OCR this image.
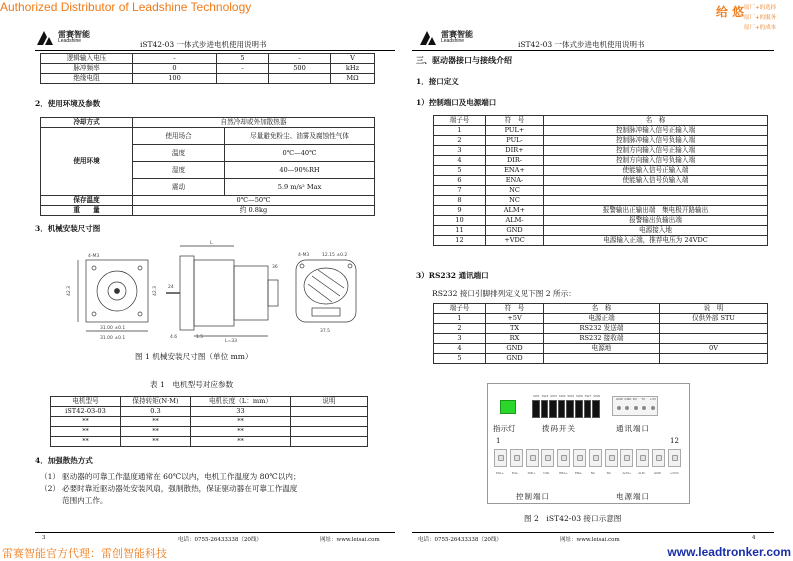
Authorized Distributor of Leadshine Technology	给 悠 原厂+的选择
原厂+的服务
原厂+的成本
雷赛智能
Leadshine	iST42-03 一体式步进电机使用说明书
逻辑输入电压	-	5	-	V
脉冲频率	0	-	500	kHz
绝缘电阻	100			MΩ
2．使用环境及参数
冷却方式	自然冷却或外加散热器	
使用环境	使用场合	尽量避免粉尘、油雾及腐蚀性气体
	温度	0℃—40℃
	湿度	40—90%RH
	震动	5.9 m/s² Max
保存温度	0℃—50℃	
重　　量	约 0.8kg	
3．机械安装尺寸图
42.3
31.00 ±0.1
31.00 ±0.1
4-M3
42.3
L
L=33
24
4.6	1.5
36
37.5
4-M3	12.15 ±0.2
图 1 机械安装尺寸图（单位 mm）
表 1　电机型号对应参数
电机型号	保持转矩(N·M)	电机长度（L：mm）	说明
iST42-03-03	0.3	33	
**	**	**	
**	**	**	
**	**	**	
4．加强散热方式
（1） 驱动器的可靠工作温度通常在 60℃以内，电机工作温度为 80℃以内；
（2） 必要时靠近驱动器处安装风扇，强制散热，保证驱动器在可靠工作温度
范围内工作。
3	电话：0755-26433338（20线）	网址：www.leisai.com
雷赛智能
Leadshine	iST42-03 一体式步进电机使用说明书
三、驱动器接口与接线介绍
1．接口定义
1）控制端口及电源端口
端子号	符　号	名　称
1	PUL+	控制脉冲输入信号正输入端
2	PUL-	控制脉冲输入信号负输入端
3	DIR+	控制方向输入信号正输入端
4	DIR-	控制方向输入信号负输入端
5	ENA+	使能输入信号正输入端
6	ENA-	使能输入信号负输入端
7	NC	
8	NC	
9	ALM+	报警输出正输出端　集电极开路输出
10	ALM-	报警输出负输出端
11	GND	电源接入地
12	+VDC	电源输入正端，推荐电压为 24VDC
3）RS232 通讯端口
RS232 接口引脚排列定义见下图 2 所示：
端子号	符　号	名　称	说　明
1	+5V	电源正端	仅供外部 STU
2	TX	RS232 发送端	
3	RX	RS232 接收端	
4	GND	电源地	0V
5	GND		
SW1 SW2 SW3 SW4 SW5 SW6 SW7 SW8
GND GND RX TX +5V
指示灯	拨码开关	通讯端口
1	12
PUL+	PUL-	DIR+	DIR-	ENA+ ENA-	NC	NC	ALM+ ALM-	GND	+VDC
控制端口	电源端口
图 2　iST42-03 接口示意图
电话：0755-26433338（20线）	网址：www.leisai.com	4
雷赛智能官方代理：雷创智能科技	www.leadtronker.com
